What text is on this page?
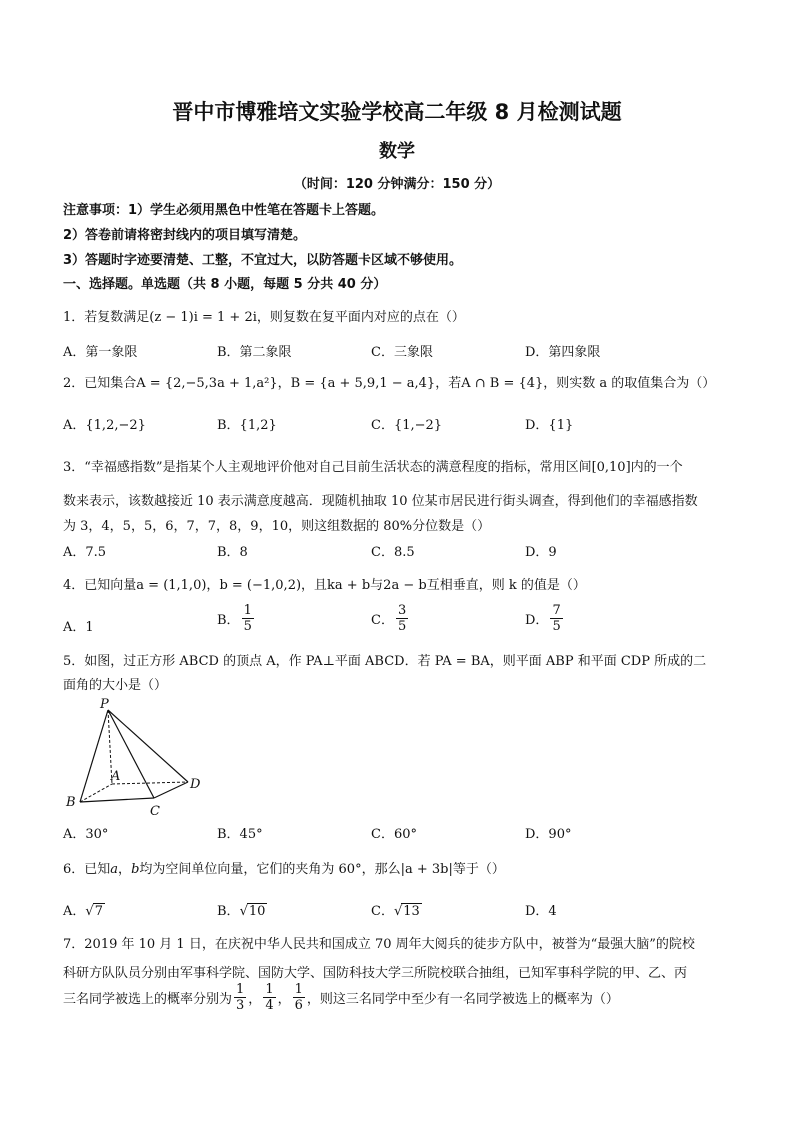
晋中市博雅培文实验学校高二年级 8 月检测试题
数学
（时间：120 分钟满分：150 分）
注意事项：1）学生必须用黑色中性笔在答题卡上答题。
2）答卷前请将密封线内的项目填写清楚。
3）答题时字迹要清楚、工整，不宜过大，以防答题卡区域不够使用。
一、选择题。单选题（共 8 小题，每题 5 分共 40 分）
1．若复数满足(z − 1)i = 1 + 2i，则复数在复平面内对应的点在（）
A．第一象限	B．第二象限	C．三象限	D．第四象限
2．已知集合A = {2,−5,3a + 1,a²}，B = {a + 5,9,1 − a,4}，若A ∩ B = {4}，则实数 a 的取值集合为（）
A．{1,2,−2}	B．{1,2}	C．{1,−2}	D．{1}
3．“幸福感指数”是指某个人主观地评价他对自己目前生活状态的满意程度的指标，常用区间[0,10]内的一个
数来表示，该数越接近 10 表示满意度越高．现随机抽取 10 位某市居民进行街头调查，得到他们的幸福感指数
为 3，4，5，5，6，7，7，8，9，10，则这组数据的 80%分位数是（）
A．7.5	B．8	C．8.5	D．9
4．已知向量a = (1,1,0)，b = (−1,0,2)，且ka + b与2a − b互相垂直，则 k 的值是（）
A．1	B． $\frac{1}{5}$	C． $\frac{3}{5}$	D． $\frac{7}{5}$
5．如图，过正方形 ABCD 的顶点 A，作 PA⊥平面 ABCD．若 PA = BA，则平面 ABP 和平面 CDP 所成的二
面角的大小是（）
P
A
B
C
D
A．30°	B．45°	C．60°	D．90°
6．已知a，b均为空间单位向量，它们的夹角为 60°，那么|a + 3b|等于（）
A．√7	B．√10	C．√13	D．4
7．2019 年 10 月 1 日，在庆祝中华人民共和国成立 70 周年大阅兵的徒步方队中，被誉为“最强大脑”的院校
科研方队队员分别由军事科学院、国防大学、国防科技大学三所院校联合抽组，已知军事科学院的甲、乙、丙
三名同学被选上的概率分别为 $\frac{1}{3}$ ， $\frac{1}{4}$ ， $\frac{1}{6}$ ，则这三名同学中至少有一名同学被选上的概率为（）
